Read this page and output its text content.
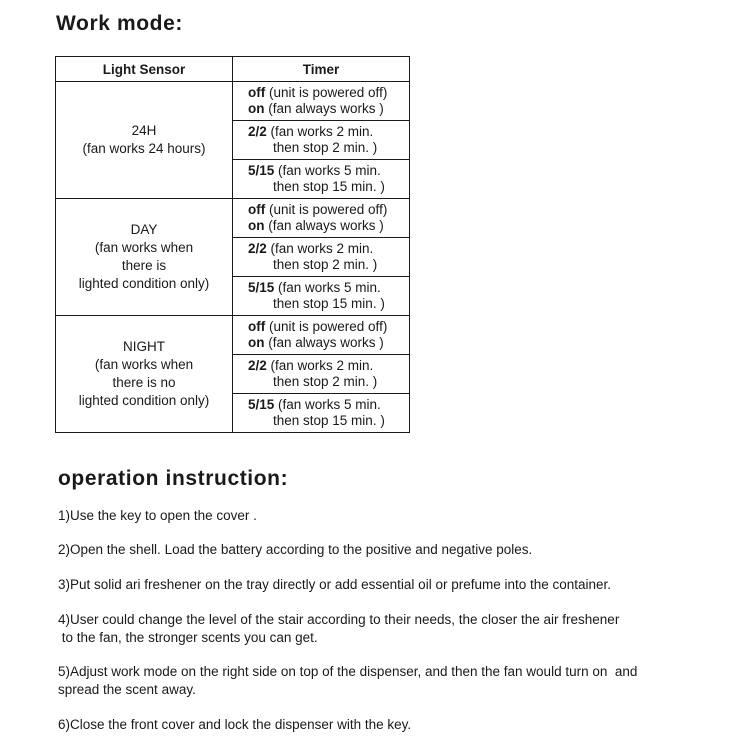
Work mode:
Light Sensor	Timer

24H
(fan works 24 hours)	off (unit is powered off)
on (fan always works )

	2/2 (fan works 2 min.
then stop 2 min. )

	5/15 (fan works 5 min.
then stop 15 min. )

DAY
(fan works when
there is
lighted condition only)	off (unit is powered off)
on (fan always works )

	2/2 (fan works 2 min.
then stop 2 min. )

	5/15 (fan works 5 min.
then stop 15 min. )

NIGHT
(fan works when
there is no
lighted condition only)	off (unit is powered off)
on (fan always works )

	2/2 (fan works 2 min.
then stop 2 min. )

	5/15 (fan works 5 min.
then stop 15 min. )
operation instruction:

1)Use the key to open the cover .

2)Open the shell. Load the battery according to the positive and negative poles.

3)Put solid ari freshener on the tray directly or add essential oil or prefume into the container.

4)User could change the level of the stair according to their needs, the closer the air freshener
to the fan, the stronger scents you can get.

5)Adjust work mode on the right side on top of the dispenser, and then the fan would turn on  and
spread the scent away.

6)Close the front cover and lock the dispenser with the key.
